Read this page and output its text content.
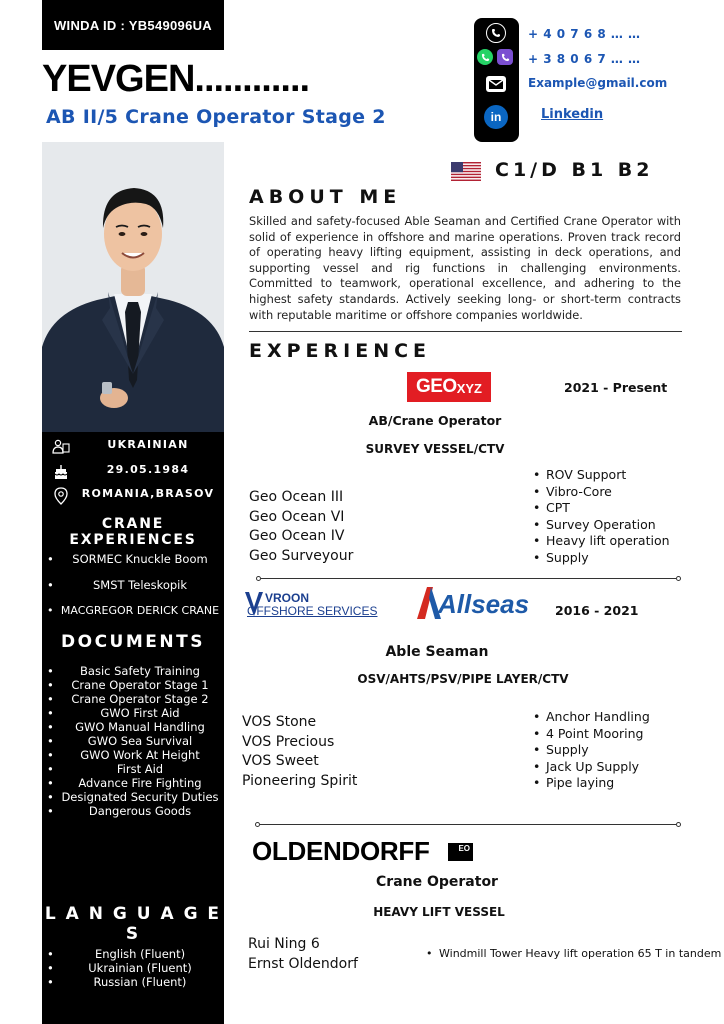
WINDA ID : YB549096UA
YEVGEN............
AB II/5 Crane Operator Stage 2	in
+ 4 0 7 6 8 … …
+ 3 8 0 6 7 … …
Example@gmail.com
Linkedin
UKRAINIAN
29.05.1984
ROMANIA,BRASOV
CRANE EXPERIENCES
• SORMEC Knuckle Boom
• SMST Teleskopik
• MACGREGOR DERICK CRANE
DOCUMENTS
• Basic Safety Training
• Crane Operator Stage 1
• Crane Operator Stage 2
• GWO First Aid
• GWO Manual Handling
• GWO Sea Survival
• GWO Work At Height
• First Aid
• Advance Fire Fighting
• Designated Security Duties
• Dangerous Goods
L A N G U A G E S
• English (Fluent)
• Ukrainian (Fluent)
• Russian (Fluent)
C1/D B1 B2
ABOUT ME
Skilled and safety-focused Able Seaman and Certified Crane Operator with solid of experience in offshore and marine operations. Proven track record of operating heavy lifting equipment, assisting in deck operations, and supporting vessel and rig functions in challenging environments. Committed to teamwork, operational excellence, and adhering to the highest safety standards. Actively seeking long- or short-term contracts with reputable maritime or offshore companies worldwide.
EXPERIENCE
GEO XYZ	2021 - Present
AB/Crane Operator
SURVEY VESSEL/CTV
Geo Ocean III
Geo Ocean VI
Geo Ocean IV
Geo Surveyour
• ROV Support
• Vibro-Core
• CPT
• Survey Operation
• Heavy lift operation
• Supply
VROON
OFFSHORE SERVICES Allseas 2016 - 2021
Able Seaman
OSV/AHTS/PSV/PIPE LAYER/CTV
VOS Stone
VOS Precious
VOS Sweet
Pioneering Spirit
• Anchor Handling
• 4 Point Mooring
• Supply
• Jack Up Supply
• Pipe laying
OLDENDORFF	EO
Crane Operator
HEAVY LIFT VESSEL
Rui Ning 6
Ernst Oldendorf
• Windmill Tower Heavy lift operation 65 T in tandem
